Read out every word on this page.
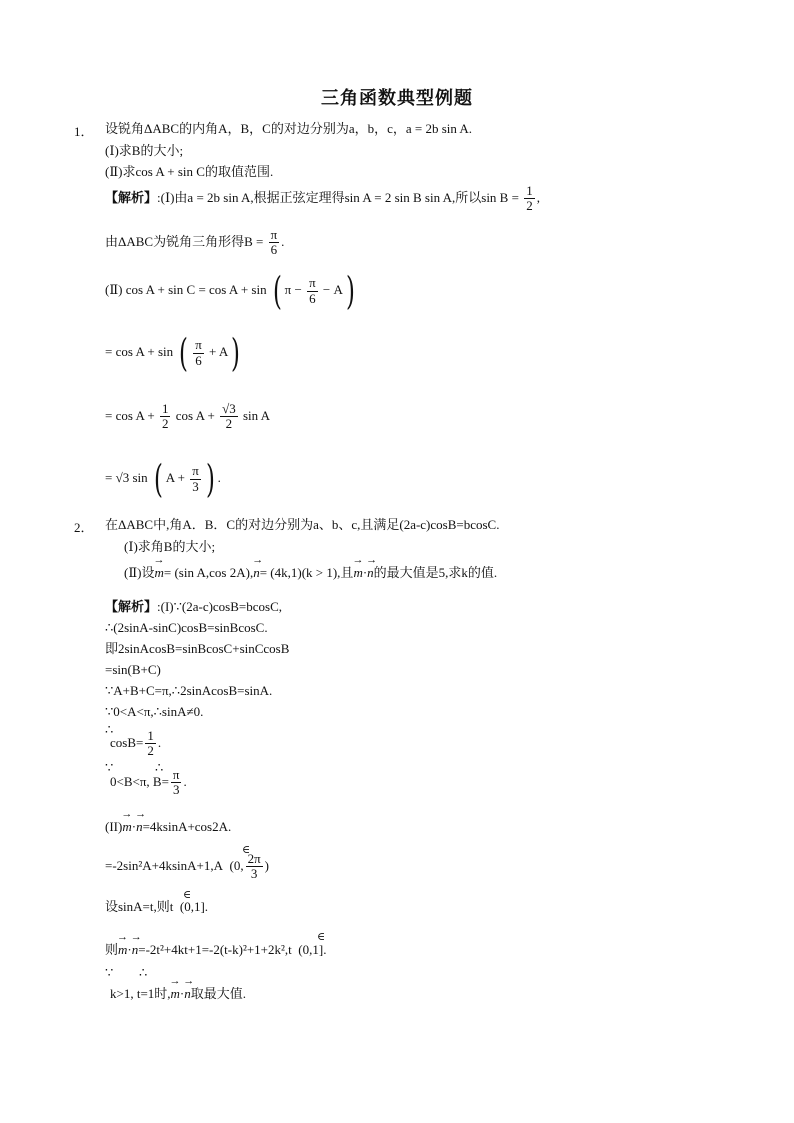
三角函数典型例题
1． 设锐角ΔABC的内角A，B，C的对边分别为a，b，c，a = 2b sin A.
(Ⅰ)求B的大小;
(Ⅱ)求cos A + sin C的取值范围.
【解析】:(Ⅰ)由a = 2b sin A,根据正弦定理得sin A = 2 sin B sin A,所以$\sin B = \frac{1}{2}$ ,
由ΔABC为锐角三角形得$B = \frac{\pi}{6}$ .
(Ⅱ) cos A + sin C = cos A + sin ( $\pi - \frac{\pi}{6} - A$)
= cos A + sin ( $\frac{\pi}{6} + A$)
= $\cos A + \frac{1}{2}$ $\cos A + \frac{√3}{2}$ sin A
= √3 sin ( $A + \frac{\pi}{3}$ ) .
2． 在ΔABC中,角A．B．C的对边分别为a、b、c,且满足(2a-c)cosB=bcosC.
(Ⅰ)求角B的大小;
(Ⅱ)设→ m= (sin A,cos 2A),→ n= (4k,1)(k > 1),且→ m·→ n的最大值是5,求k的值.
【解析】:(I)∵(2a-c)cosB=bcosC,
∴(2sinA-sinC)cosB=sinBcosC.
即2sinAcosB=sinBcosC+sinCcosB
=sin(B+C)
∵A+B+C=π,∴2sinAcosB=sinA.
∵0<A<π,∴sinA≠0.
∴
$\cos B= \frac{1}{2}$ .
∵	∴
0<B<π, $B= \frac{\pi}{3}$ .
(II)→ m·→ n=4ksinA+cos2A.
∈
=-2sin²A+4ksinA+1,A (0, $\frac{2\pi}{3}$ )
∈
设sinA=t,则t (0,1].
∈
则→ m·→ n=-2t²+4kt+1=-2(t-k)²+1+2k²,t (0,1].
∵ ∴
k>1, t=1时,→ m·→ n取最大值.
